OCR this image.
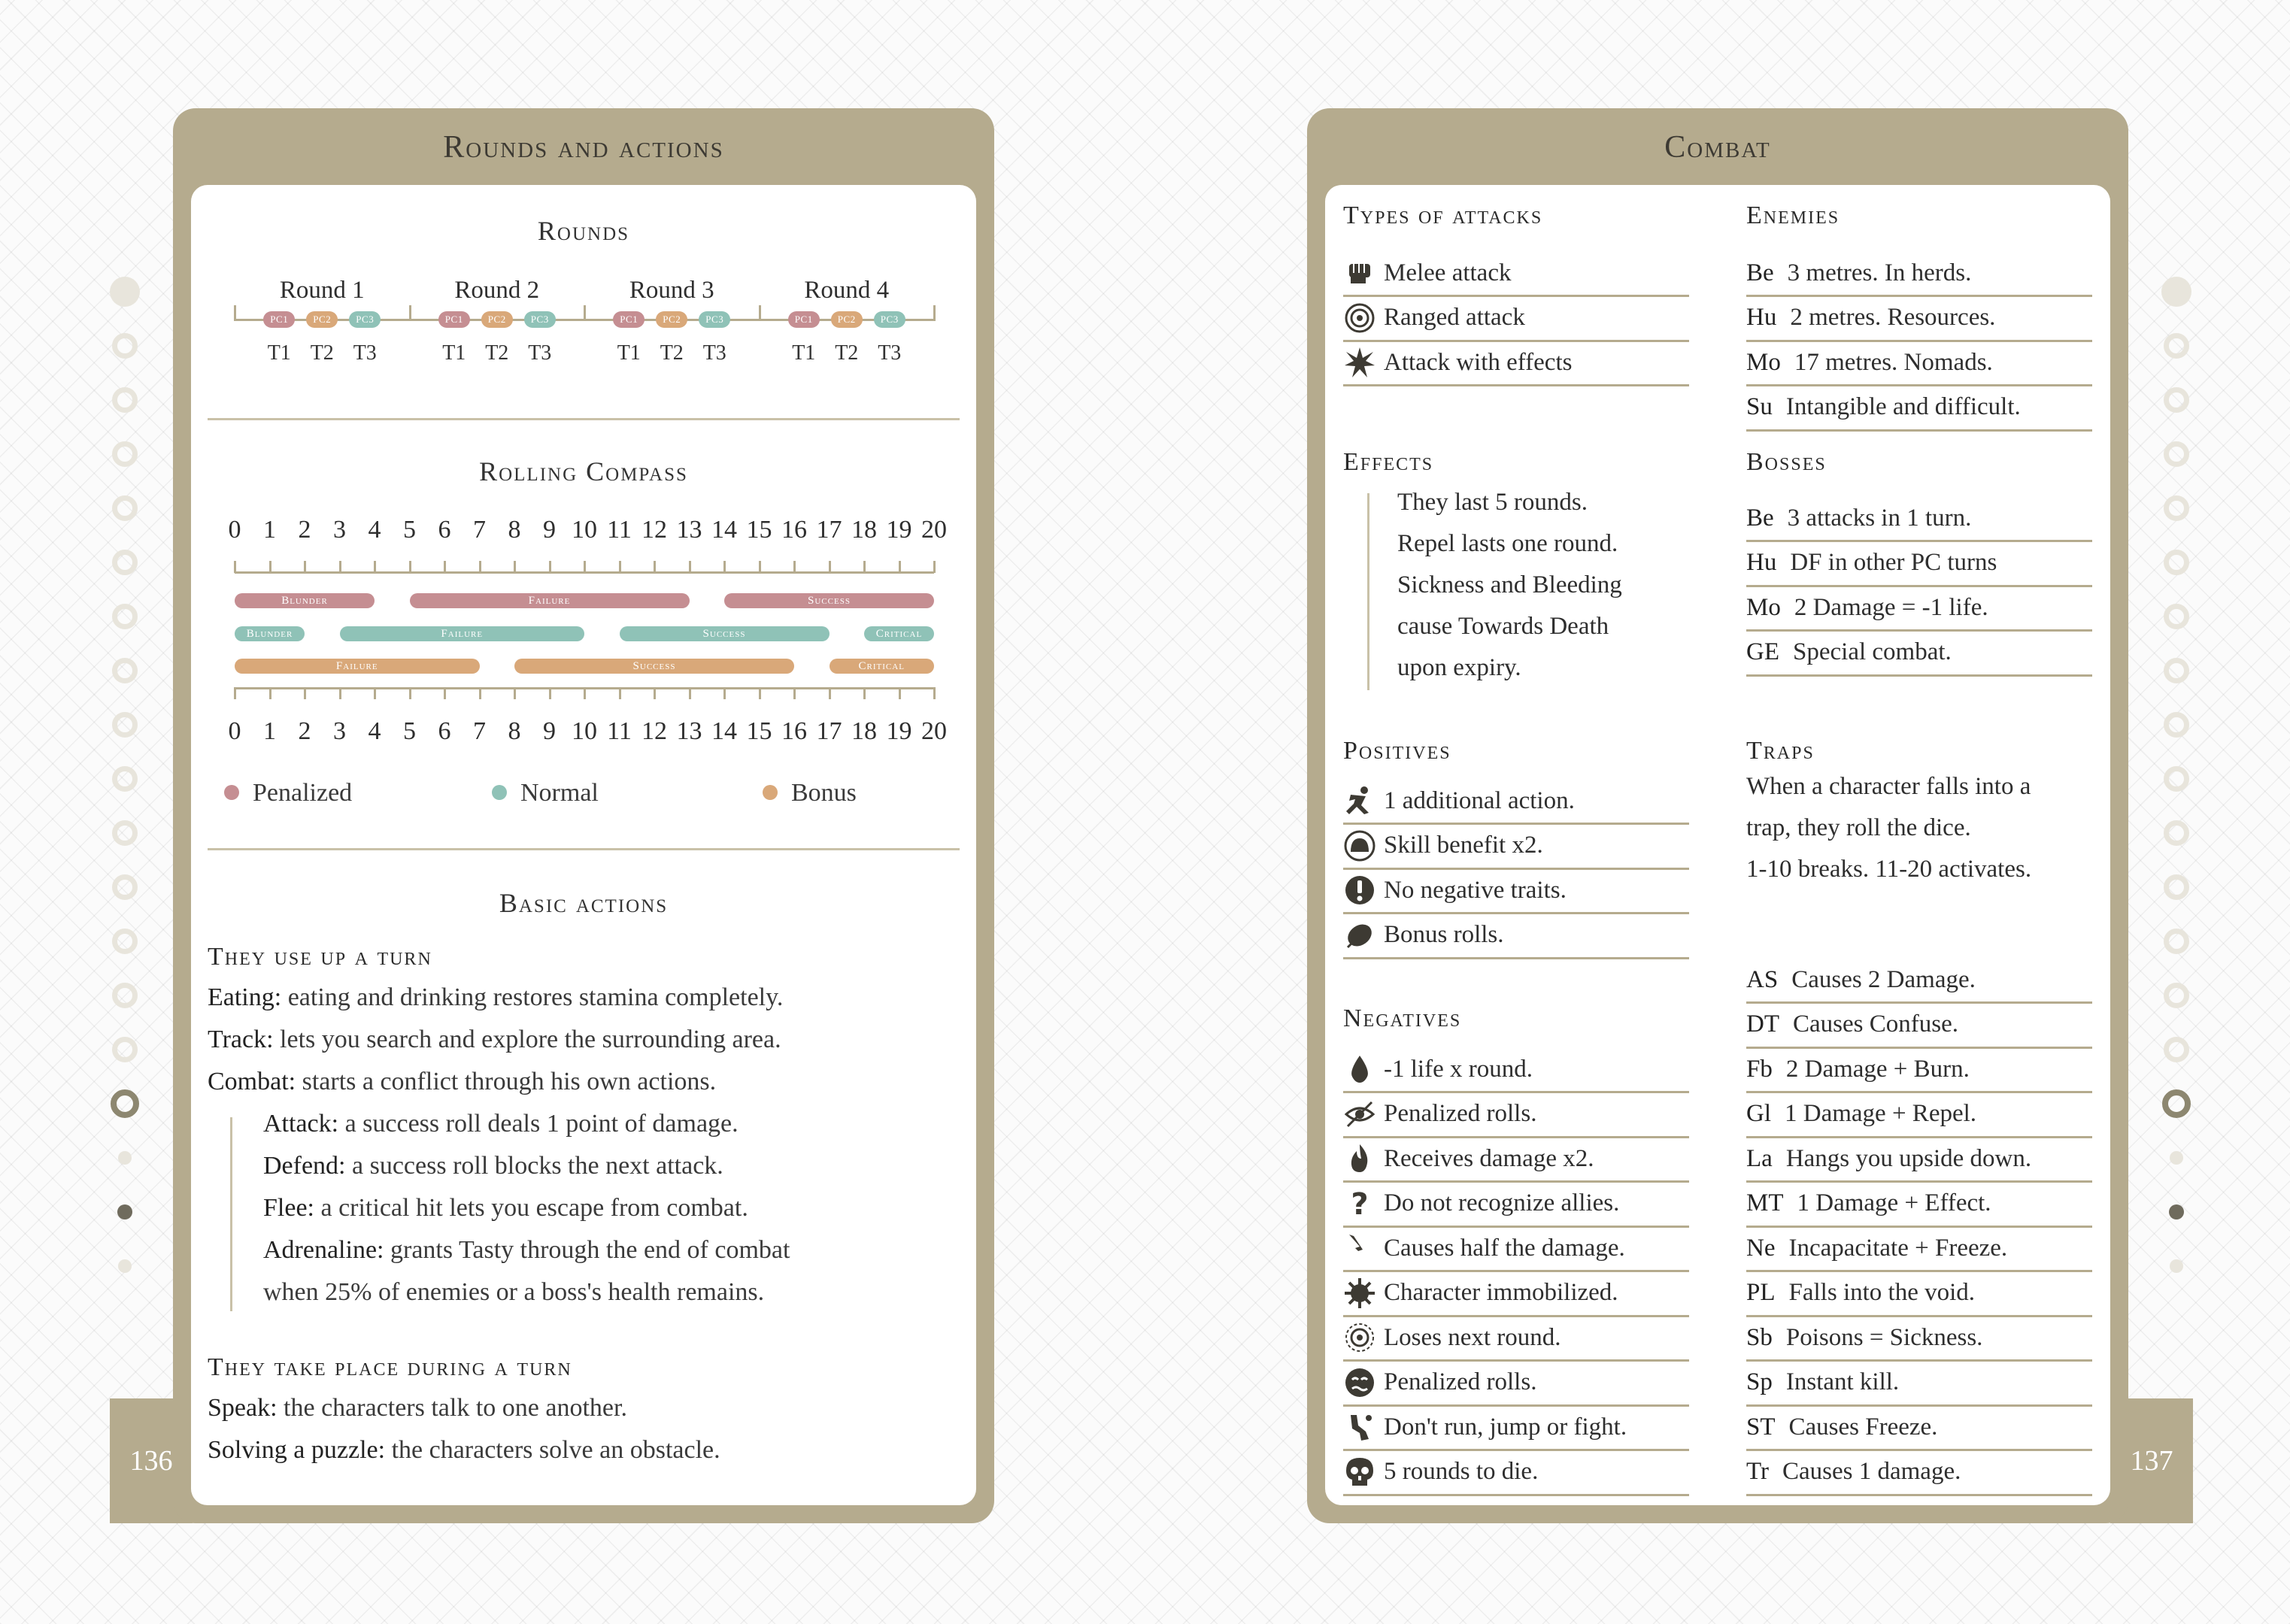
136	137
Rounds and actions
Rounds
Round 1
PC1
T1
PC2
T2
PC3
T3
Round 2
PC1
T1
PC2
T2
PC3
T3
Round 3
PC1
T1
PC2
T2
PC3
T3
Round 4
PC1
T1
PC2
T2
PC3
T3
Rolling Compass
0
0
1
1
2
2
3
3
4
4
5
5
6
6
7
7
8
8
9
9
10
10
11
11
12
12
13
13
14
14
15
15
16
16
17
17
18
18
19
19
20
20
Blunder	Failure	Success
Blunder	Failure	Success	Critical
Failure	Success	Critical
Penalized	Normal	Bonus
Basic actions
They use up a turn
Eating: eating and drinking restores stamina completely.
Track: lets you search and explore the surrounding area.
Combat: starts a conflict through his own actions.
Attack: a success roll deals 1 point of damage.
Defend: a success roll blocks the next attack.
Flee: a critical hit lets you escape from combat.
Adrenaline: grants Tasty through the end of combat
when 25% of enemies or a boss's health remains.
They take place during a turn
Speak: the characters talk to one another.
Solving a puzzle: the characters solve an obstacle.
Combat
Types of attacks
Melee attack
Ranged attack
Attack with effects
Enemies
Be 3 metres. In herds.
Hu 2 metres. Resources.
Mo 17 metres. Nomads.
Su Intangible and difficult.
Effects
They last 5 rounds.
Repel lasts one round.
Sickness and Bleeding
cause Towards Death
upon expiry.
Bosses
Be 3 attacks in 1 turn.
Hu DF in other PC turns
Mo 2 Damage = -1 life.
GE Special combat.
Positives
1 additional action.
Skill benefit x2.
No negative traits.
Bonus rolls.
Traps
When a character falls into a
trap, they roll the dice.
1-10 breaks. 11-20 activates.
AS Causes 2 Damage.
DT Causes Confuse.
Fb 2 Damage + Burn.
Gl 1 Damage + Repel.
La Hangs you upside down.
MT 1 Damage + Effect.
Ne Incapacitate + Freeze.
PL Falls into the void.
Sb Poisons = Sickness.
Sp Instant kill.
ST Causes Freeze.
Tr Causes 1 damage.
Negatives
-1 life x round.
Penalized rolls.
Receives damage x2.
? Do not recognize allies.
Causes half the damage.
Character immobilized.
Loses next round.
Penalized rolls.
Don't run, jump or fight.
5 rounds to die.
